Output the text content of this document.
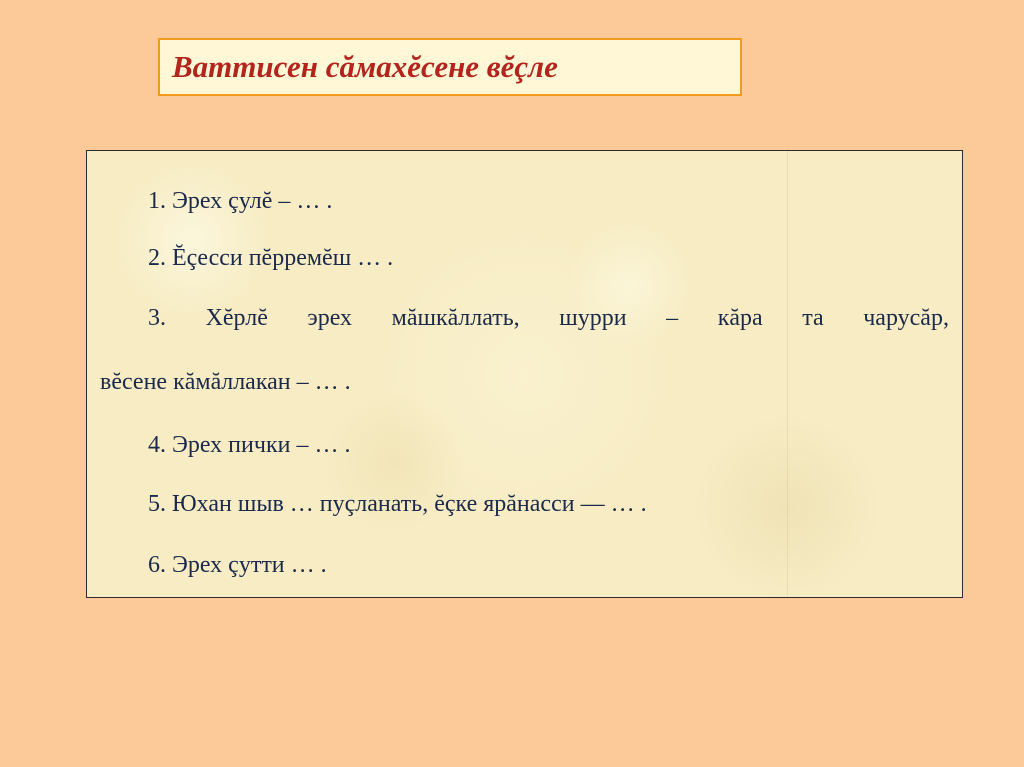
Ваттисен сăмахĕсене вĕçле
1. Эрех çулĕ – … .
2. Ĕçесси пĕрремĕш … .
3. Хĕрлĕ эрех мăшкăллать, шурри – кăра та чарусăр,
вĕсене кăмăллакан – … .
4. Эрех пички – … .
5. Юхан шыв … пуçланать, ĕçке ярăнасси — … .
6. Эрех çутти … .
